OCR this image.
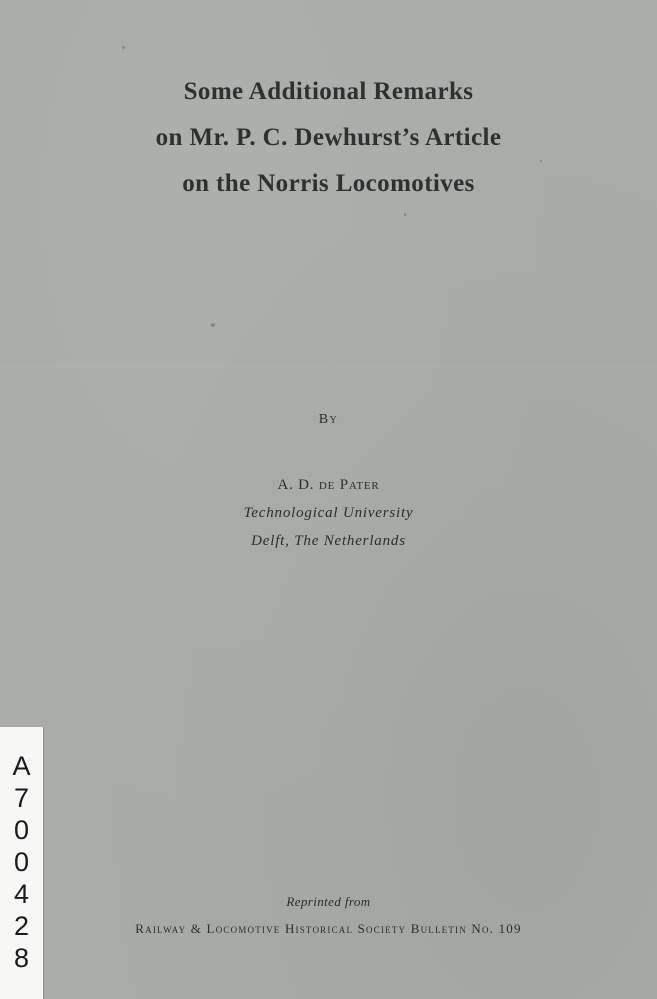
Some Additional Remarks
on Mr. P. C. Dewhurst’s Article
on the Norris Locomotives
By
A. D. de Pater
Technological University
Delft, The Netherlands
Reprinted from
Railway & Locomotive Historical Society Bulletin No. 109
A
7
0
0
4
2
8
